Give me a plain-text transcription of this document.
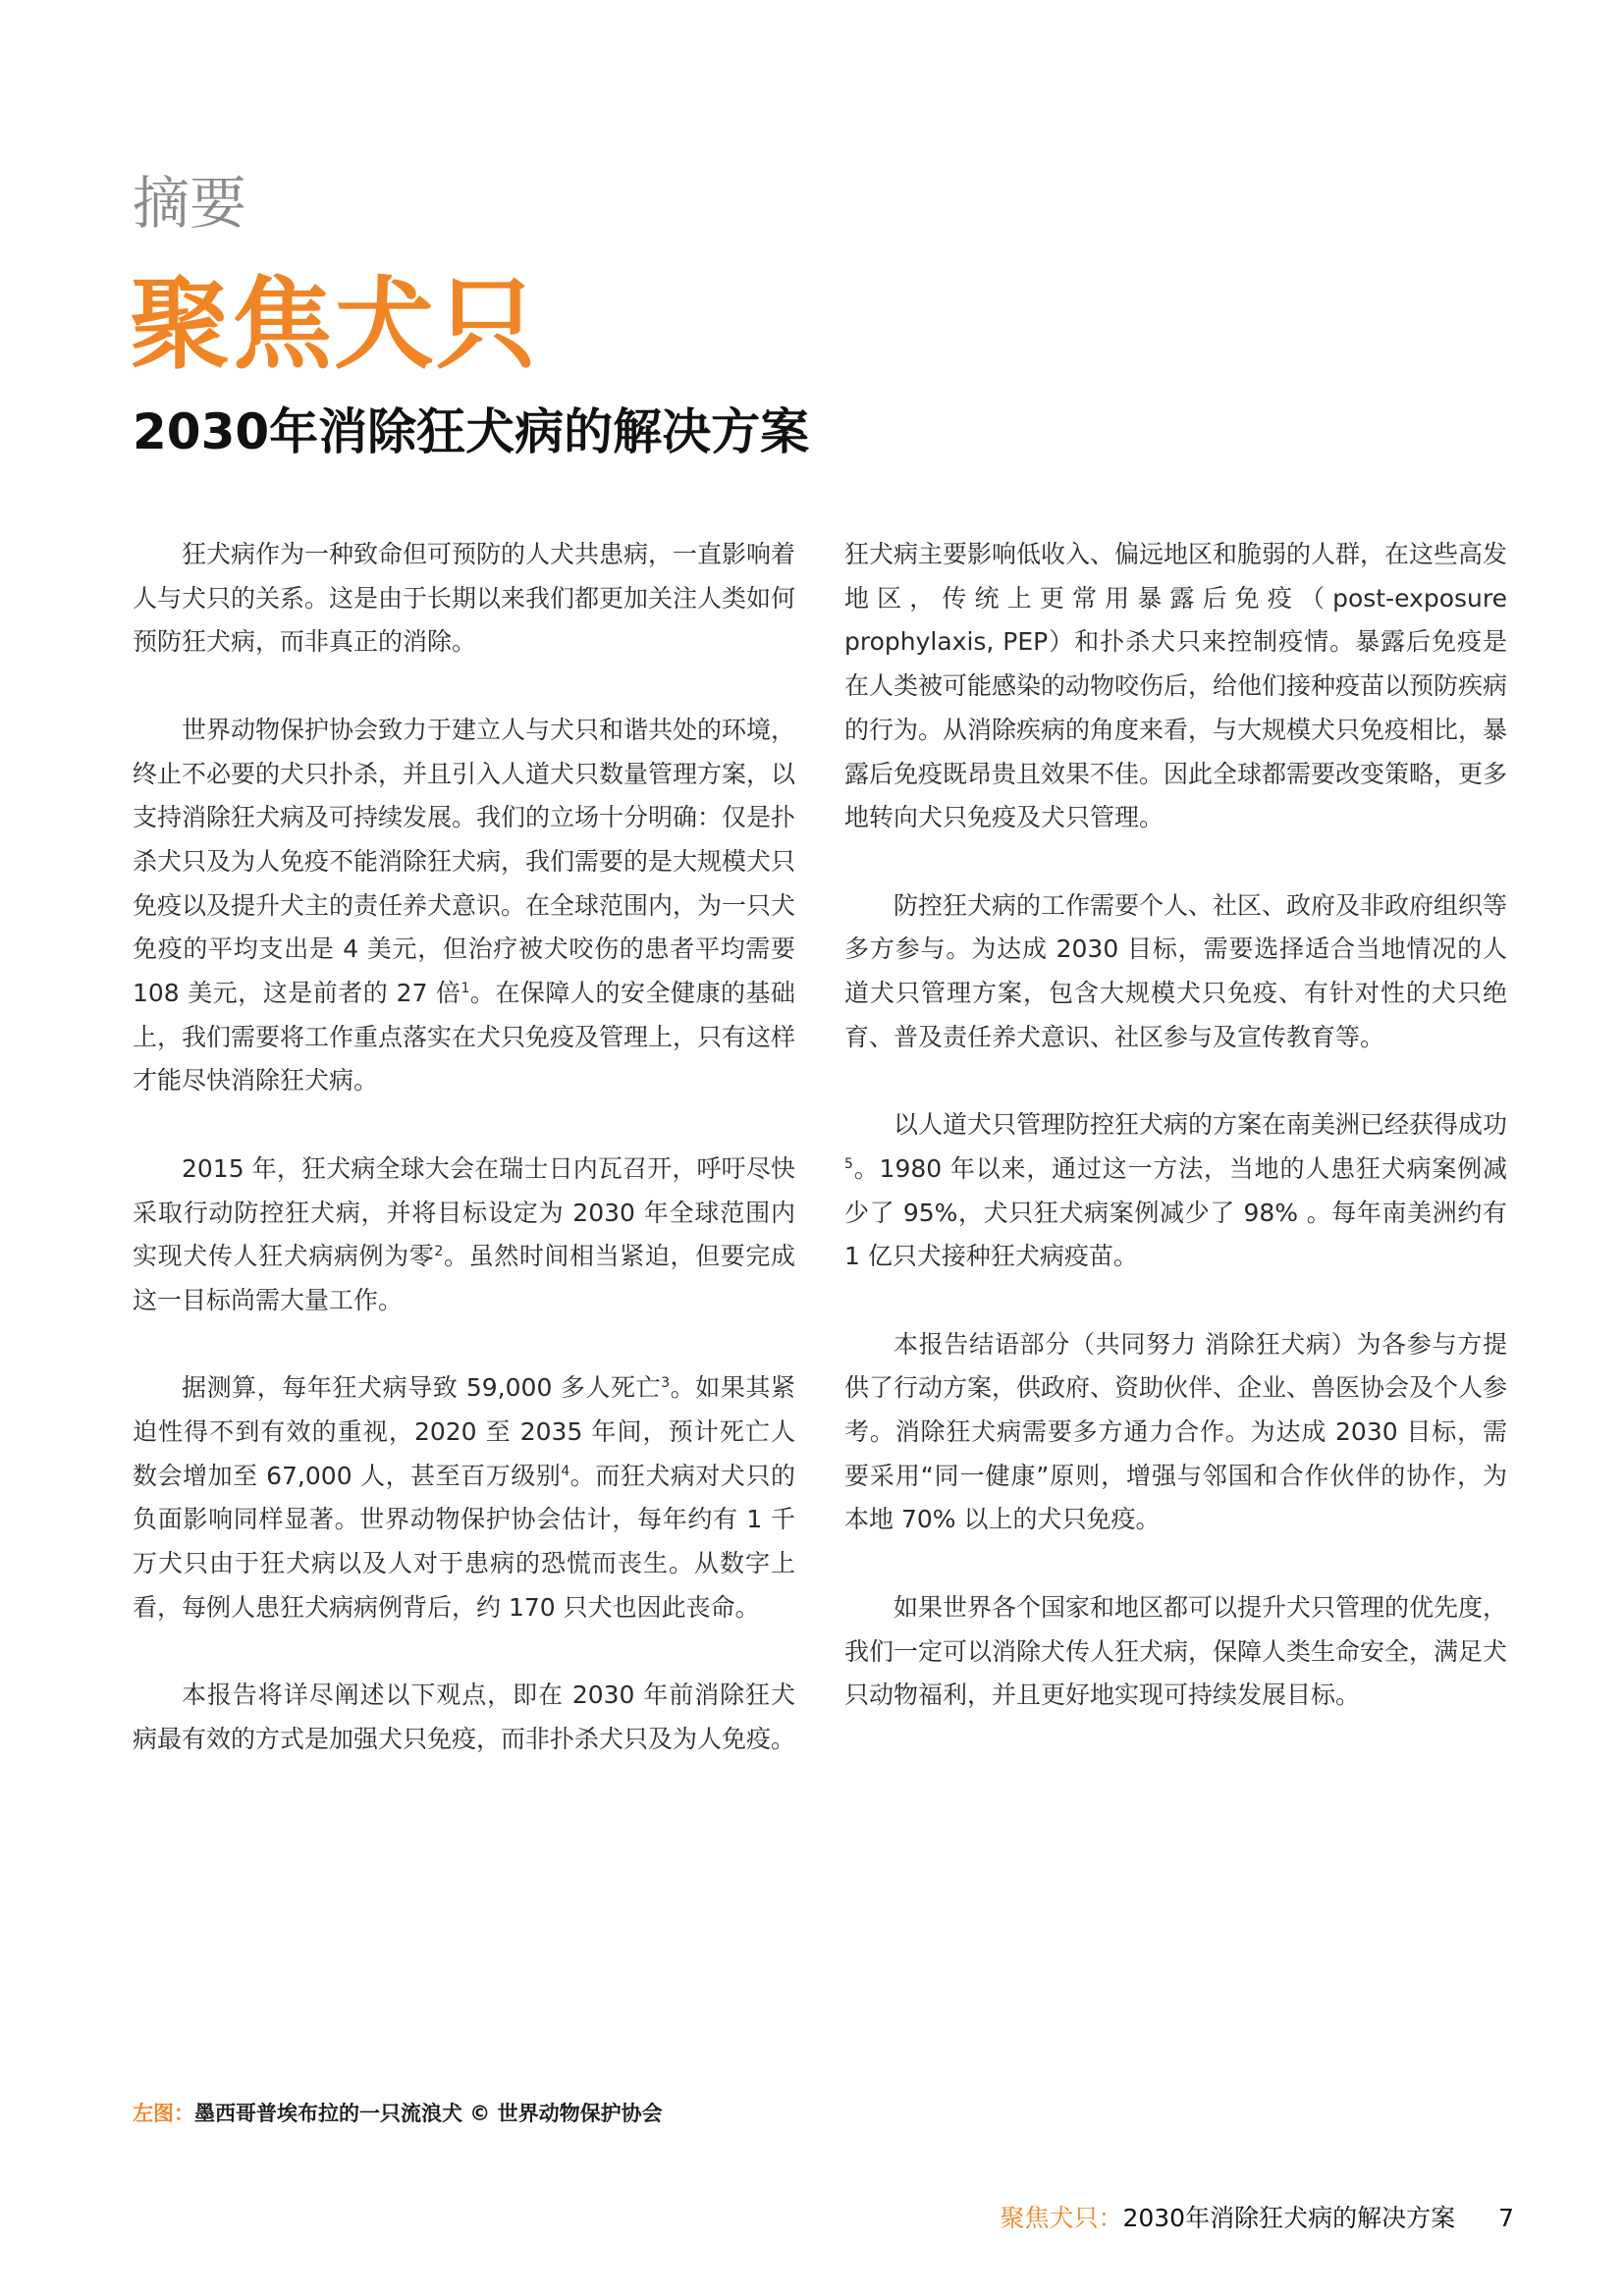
摘要
聚焦犬只
2030年消除狂犬病的解决方案

狂犬病作为一种致命但可预防的人犬共患病，一直影响着人与犬只的关系。这是由于长期以来我们都更加关注人类如何预防狂犬病，而非真正的消除。

世界动物保护协会致力于建立人与犬只和谐共处的环境，终止不必要的犬只扑杀，并且引入人道犬只数量管理方案，以支持消除狂犬病及可持续发展。我们的立场十分明确：仅是扑杀犬只及为人免疫不能消除狂犬病，我们需要的是大规模犬只免疫以及提升犬主的责任养犬意识。在全球范围内，为一只犬免疫的平均支出是 4 美元，但治疗被犬咬伤的患者平均需要 108 美元，这是前者的 27 倍$^1$。在保障人的安全健康的基础上，我们需要将工作重点落实在犬只免疫及管理上，只有这样才能尽快消除狂犬病。

2015 年，狂犬病全球大会在瑞士日内瓦召开，呼吁尽快采取行动防控狂犬病，并将目标设定为 2030 年全球范围内实现犬传人狂犬病病例为零$^2$。虽然时间相当紧迫，但要完成这一目标尚需大量工作。

据测算，每年狂犬病导致 59,000 多人死亡$^3$。如果其紧迫性得不到有效的重视，2020 至 2035 年间，预计死亡人数会增加至 67,000 人，甚至百万级别$^4$。而狂犬病对犬只的负面影响同样显著。世界动物保护协会估计，每年约有 1 千万犬只由于狂犬病以及人对于患病的恐慌而丧生。从数字上看，每例人患狂犬病病例背后，约 170 只犬也因此丧命。

本报告将详尽阐述以下观点，即在 2030 年前消除狂犬病最有效的方式是加强犬只免疫，而非扑杀犬只及为人免疫。

狂犬病主要影响低收入、偏远地区和脆弱的人群，在这些高发地区，传统上更常用暴露后免疫（post-exposure prophylaxis, PEP）和扑杀犬只来控制疫情。暴露后免疫是在人类被可能感染的动物咬伤后，给他们接种疫苗以预防疾病的行为。从消除疾病的角度来看，与大规模犬只免疫相比，暴露后免疫既昂贵且效果不佳。因此全球都需要改变策略，更多地转向犬只免疫及犬只管理。

防控狂犬病的工作需要个人、社区、政府及非政府组织等多方参与。为达成 2030 目标，需要选择适合当地情况的人道犬只管理方案，包含大规模犬只免疫、有针对性的犬只绝育、普及责任养犬意识、社区参与及宣传教育等。

以人道犬只管理防控狂犬病的方案在南美洲已经获得成功$^5$。1980 年以来，通过这一方法，当地的人患狂犬病案例减少了 95%，犬只狂犬病案例减少了 98% 。每年南美洲约有 1 亿只犬接种狂犬病疫苗。

本报告结语部分（共同努力 消除狂犬病）为各参与方提供了行动方案，供政府、资助伙伴、企业、兽医协会及个人参考。消除狂犬病需要多方通力合作。为达成 2030 目标，需要采用“同一健康”原则，增强与邻国和合作伙伴的协作，为本地 70% 以上的犬只免疫。

如果世界各个国家和地区都可以提升犬只管理的优先度，我们一定可以消除犬传人狂犬病，保障人类生命安全，满足犬只动物福利，并且更好地实现可持续发展目标。

左图：墨西哥普埃布拉的一只流浪犬 © 世界动物保护协会
聚焦犬只：2030年消除狂犬病的解决方案 7
